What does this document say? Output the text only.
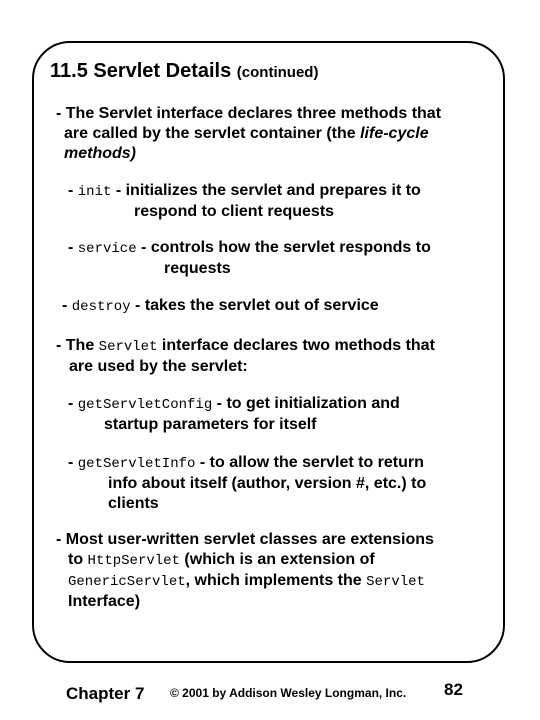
11.5 Servlet Details (continued)
- The Servlet interface declares three methods that
are called by the servlet container (the life-cycle
methods)
- init - initializes the servlet and prepares it to
respond to client requests
- service - controls how the servlet responds to
requests
- destroy - takes the servlet out of service
- The Servlet interface declares two methods that
are used by the servlet:
- getServletConfig - to get initialization and
startup parameters for itself
- getServletInfo - to allow the servlet to return
info about itself (author, version #, etc.) to
clients
- Most user-written servlet classes are extensions
to HttpServlet (which is an extension of
GenericServlet, which implements the Servlet
Interface)
Chapter 7 © 2001 by Addison Wesley Longman, Inc. 82
